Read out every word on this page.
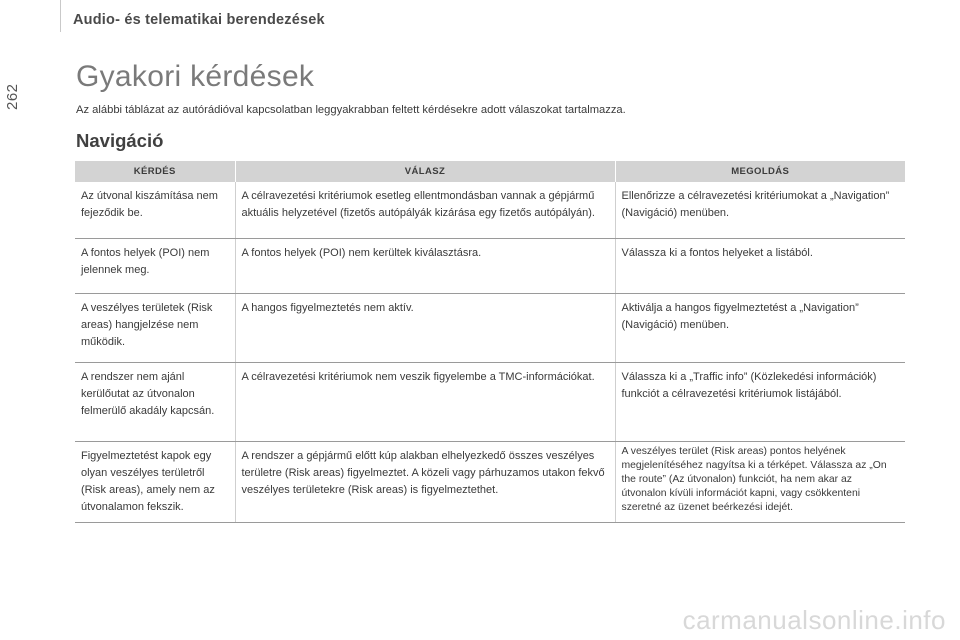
262
Audio- és telematikai berendezések
Gyakori kérdések

Az alábbi táblázat az autórádióval kapcsolatban leggyakrabban feltett kérdésekre adott válaszokat tartalmazza.

Navigáció
KÉRDÉS	VÁLASZ	MEGOLDÁS
Az útvonal kiszámítása nem fejeződik be.	A célravezetési kritériumok esetleg ellentmondásban vannak a gépjármű aktuális helyzetével (fizetős autópályák kizárása egy fizetős autópályán).	Ellenőrizze a célravezetési kritériumokat a „Navigation” (Navigáció) menüben.
A fontos helyek (POI) nem jelennek meg.	A fontos helyek (POI) nem kerültek kiválasztásra.	Válassza ki a fontos helyeket a listából.
A veszélyes területek (Risk areas) hangjelzése nem működik.	A hangos figyelmeztetés nem aktív.	Aktiválja a hangos figyelmeztetést a „Navigation” (Navigáció) menüben.
A rendszer nem ajánl kerülőutat az útvonalon felmerülő akadály kapcsán.	A célravezetési kritériumok nem veszik figyelembe a TMC-információkat.	Válassza ki a „Traffic info” (Közlekedési információk) funkciót a célravezetési kritériumok listájából.
Figyelmeztetést kapok egy olyan veszélyes területről (Risk areas), amely nem az útvonalamon fekszik.	A rendszer a gépjármű előtt kúp alakban elhelyezkedő összes veszélyes területre (Risk areas) figyelmeztet. A közeli vagy párhuzamos utakon fekvő veszélyes területekre (Risk areas) is figyelmeztethet.	A veszélyes terület (Risk areas) pontos helyének megjelenítéséhez nagyítsa ki a térképet. Válassza az „On the route” (Az útvonalon) funkciót, ha nem akar az útvonalon kívüli információt kapni, vagy csökkenteni szeretné az üzenet beérkezési idejét.
carmanualsonline.info
